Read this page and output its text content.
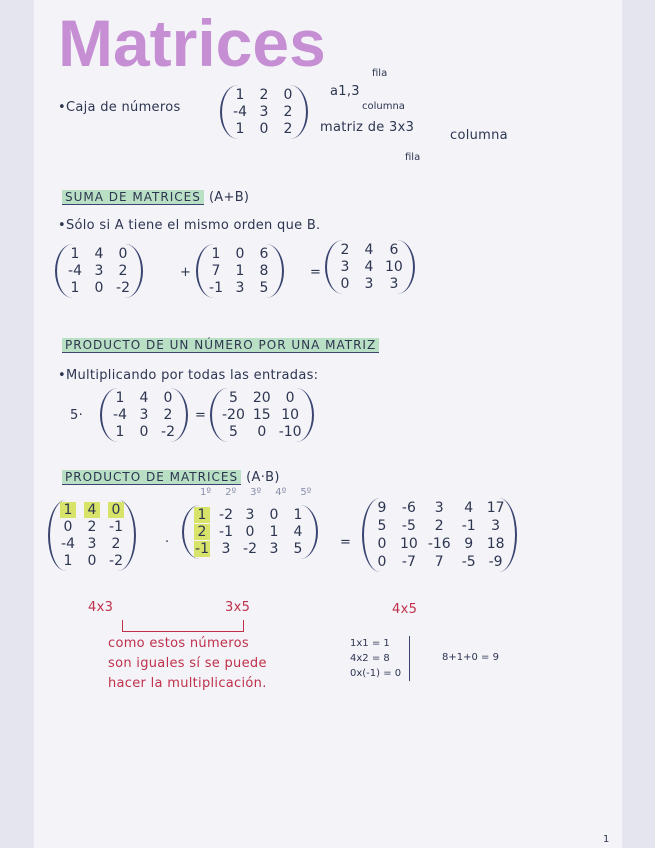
Matrices
•Caja de números
1 2 0
-4 3 2
1 0 2
a1,3
fila
columna
matriz de 3x3
columna
fila
SUMA DE MATRICES (A+B)
•Sólo si A tiene el mismo orden que B.
1 4 0
-4 3 2
1 0 -2
+
1 0 6
7 1 8
-1 3 5
=
2 4	6
3 4 10
0 3	3
PRODUCTO DE UN NÚMERO POR UNA MATRIZ
•Multiplicando por todas las entradas:
5·
1 4 0
-4 3 2
1 0 -2
=
5	20	0
-20 15 10
5	0 -10
PRODUCTO DE MATRICES (A·B)
1º 2º 3º 4º 5º
1 4 0
0 2 -1
-4 3 2
1 0 -2
·
1 -2 3 0 1
2 -1 0 1 4
-1 3 -2 3 5	=
9 -6	3	4 17
5 -5	2	-1	3
0 10 -16 9 18
0 -7	7	-5 -9
4x3	3x5	4x5
como estos números
son iguales sí se puede
hacer la multiplicación.
1x1 = 1
4x2 = 8
0x(-1) = 0
8+1+0 = 9
1
